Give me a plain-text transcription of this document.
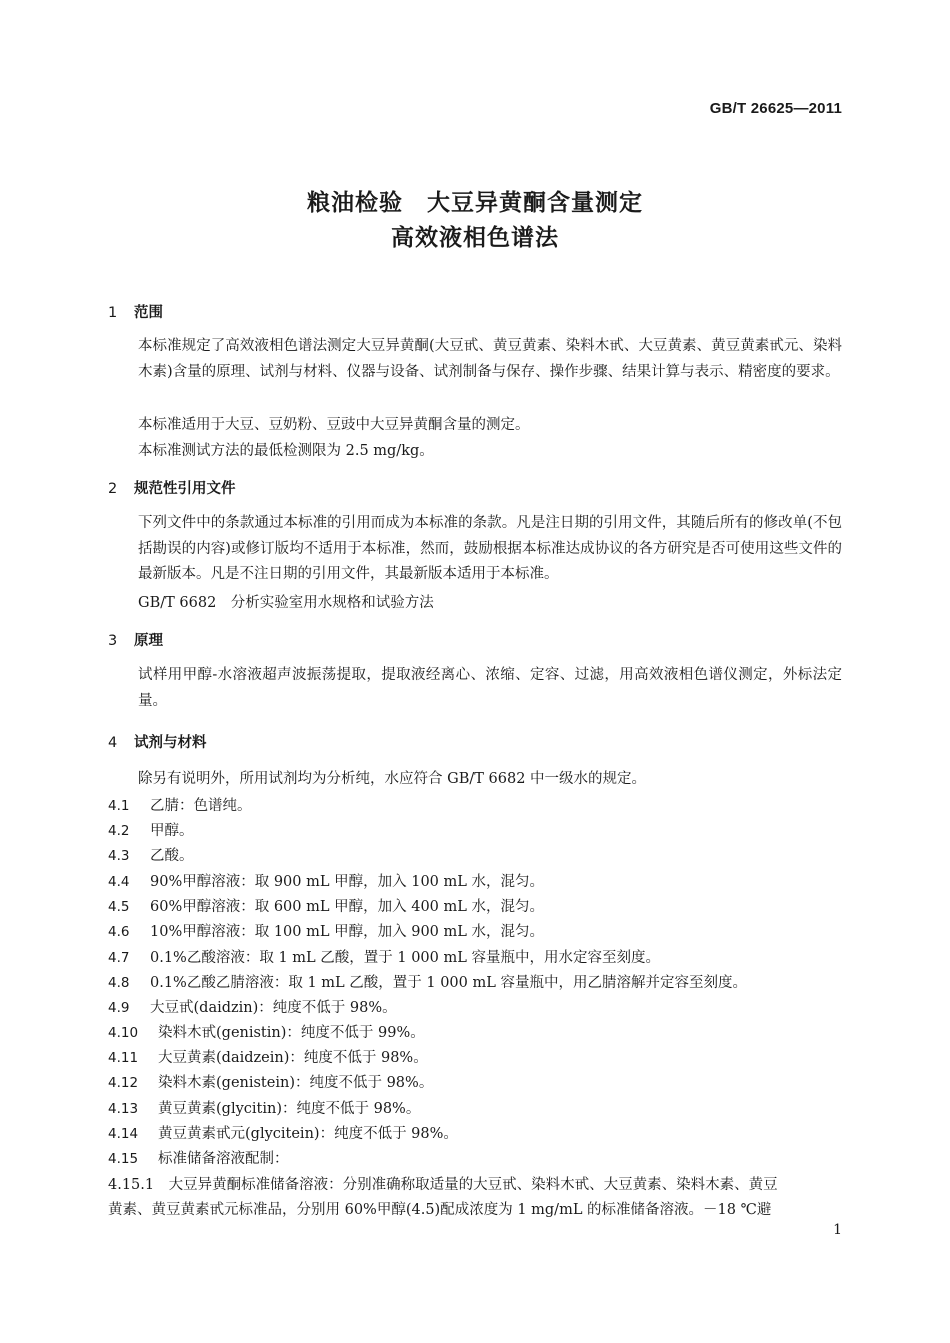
GB/T 26625—2011
粮油检验　大豆异黄酮含量测定
高效液相色谱法
1 范围
本标准规定了高效液相色谱法测定大豆异黄酮(大豆甙、黄豆黄素、染料木甙、大豆黄素、黄豆黄素甙元、染料木素)含量的原理、试剂与材料、仪器与设备、试剂制备与保存、操作步骤、结果计算与表示、精密度的要求。
本标准适用于大豆、豆奶粉、豆豉中大豆异黄酮含量的测定。
本标准测试方法的最低检测限为 2.5 mg/kg。
2 规范性引用文件
下列文件中的条款通过本标准的引用而成为本标准的条款。凡是注日期的引用文件，其随后所有的修改单(不包括勘误的内容)或修订版均不适用于本标准，然而，鼓励根据本标准达成协议的各方研究是否可使用这些文件的最新版本。凡是不注日期的引用文件，其最新版本适用于本标准。
GB/T 6682　分析实验室用水规格和试验方法
3 原理
试样用甲醇-水溶液超声波振荡提取，提取液经离心、浓缩、定容、过滤，用高效液相色谱仪测定，外标法定量。
4 试剂与材料
除另有说明外，所用试剂均为分析纯，水应符合 GB/T 6682 中一级水的规定。
4.1 乙腈：色谱纯。
4.2 甲醇。
4.3 乙酸。
4.4 90%甲醇溶液：取 900 mL 甲醇，加入 100 mL 水，混匀。
4.5 60%甲醇溶液：取 600 mL 甲醇，加入 400 mL 水，混匀。
4.6 10%甲醇溶液：取 100 mL 甲醇，加入 900 mL 水，混匀。
4.7 0.1%乙酸溶液：取 1 mL 乙酸，置于 1 000 mL 容量瓶中，用水定容至刻度。
4.8 0.1%乙酸乙腈溶液：取 1 mL 乙酸，置于 1 000 mL 容量瓶中，用乙腈溶解并定容至刻度。
4.9 大豆甙(daidzin)：纯度不低于 98%。
4.10 染料木甙(genistin)：纯度不低于 99%。
4.11 大豆黄素(daidzein)：纯度不低于 98%。
4.12 染料木素(genistein)：纯度不低于 98%。
4.13 黄豆黄素(glycitin)：纯度不低于 98%。
4.14 黄豆黄素甙元(glycitein)：纯度不低于 98%。
4.15 标准储备溶液配制：
4.15.1　大豆异黄酮标准储备溶液：分别准确称取适量的大豆甙、染料木甙、大豆黄素、染料木素、黄豆
黄素、黄豆黄素甙元标准品，分别用 60%甲醇(4.5)配成浓度为 1 mg/mL 的标准储备溶液。－18 ℃避
1
